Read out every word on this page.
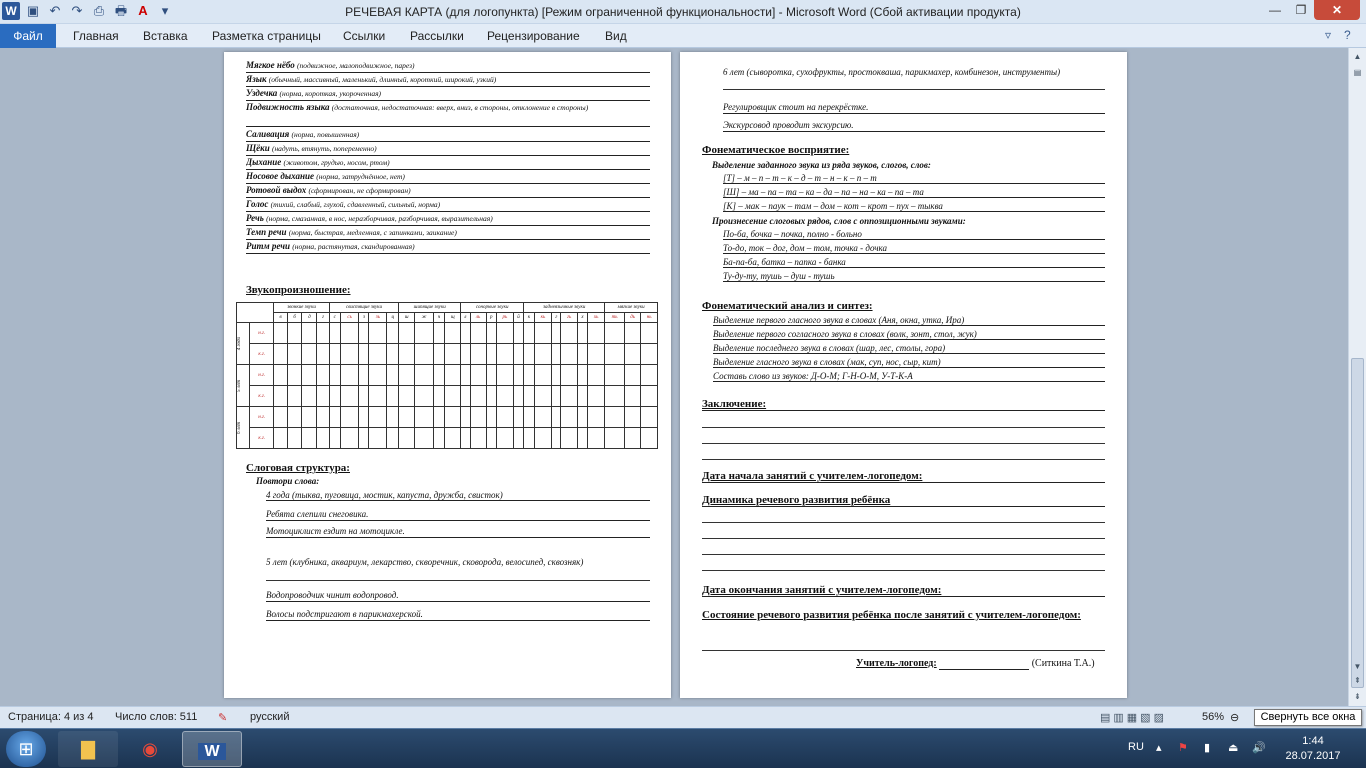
W ▣ ↶ ↷ ⎙ 🖶 A	▾	РЕЧЕВАЯ КАРТА (для логопункта) [Режим ограниченной функциональности] - Microsoft Word (Сбой активации продукта)	—	❐	✕
Файл	Главная Вставка Разметка страницы Ссылки Рассылки Рецензирование Вид	▿ ?
Мягкое нёбо (подвижное, малоподвижное, парез)
Язык (обычный, массивный, маленький, длинный, короткий, широкий, узкий)
Уздечка (норма, короткая, укороченная)
Подвижность языка (достаточная, недостаточная: вверх, вниз, в стороны, отклонение в стороны)
Саливация (норма, повышенная)
Щёки (надуть, втянуть, попеременно)
Дыхание (животом, грудью, носом, ртом)
Носовое дыхание (норма, затруднённое, нет)
Ротовой выдох (сформирован, не сформирован)
Голос (тихий, слабый, глухой, сдавленный, сильный, норма)
Речь (норма, смазанная, в нос, неразборчивая, разборчивая, выразительная)
Темп речи (норма, быстрая, медленная, с запинками, заикание)
Ритм речи (норма, растянутая, скандированная)
Звукопроизношение:
		звонкие звуки				свистящие звуки					шипящие звуки				сонорные звуки					заднеязычные звуки						мягкие звуки		
		в	б	д	г	с	сь	з	зь	ц	ш	ж	ч	щ	л	ль	р	рь	й	к	кь	г	гь	х	хь	ть	дь	нь

4 года	н.г.																											
	к.г.																											

5 лет	н.г.																											
	к.г.																											

6 лет	н.г.																											
	к.г.																											
Слоговая структура:
Повтори слова:
• 4 года (тыква, пуговица, мостик, капуста, дружба, свисток)
Ребята слепили снеговика.
Мотоциклист ездит на мотоцикле.
• 5 лет (клубника, аквариум, лекарство, скворечник, сковорода, велосипед, сквозняк)
Водопроводчик чинит водопровод.
Волосы подстригают в парикмахерской.
• 6 лет (сыворотка, сухофрукты, простокваша, парикмахер, комбинезон, инструменты)
Регулировщик стоит на перекрёстке.
Экскурсовод проводит экскурсию.
Фонематическое восприятие:
Выделение заданного звука из ряда звуков, слогов, слов:
• [Т] – м – п – т – к – д – т – н – к – п – т
• [Ш] – ма – па – та – ка – да – па – на – ка – па – та
• [К] – мак – паук – там – дом – кот – крот – пух – тыква
Произнесение слоговых рядов, слов с оппозиционными звуками:
• По-ба, бочка – почка, полно - больно
• То-до, ток – дог, дом – том, точка - дочка
• Ба-па-ба, батка – папка - банка
• Ту-ду-ту, тушь – душ - тушь
Фонематический анализ и синтез:
• Выделение первого гласного звука в словах (Аня, окна, утка, Ира)
• Выделение первого согласного звука в словах (волк, зонт, стол, жук)
• Выделение последнего звука в словах (шар, лес, столы, гора)
• Выделение гласного звука в словах (мак, суп, нос, сыр, кит)
• Составь слово из звуков: Д-О-М; Г-Н-О-М, У-Т-К-А
Заключение:
Дата начала занятий с учителем-логопедом:
Динамика речевого развития ребёнка
Дата окончания занятий с учителем-логопедом:
Состояние речевого развития ребёнка после занятий с учителем-логопедом:
Учитель-логопед:	(Ситкина Т.А.)
▲
▤
▼
⇞
⇟
Страница: 4 из 4 Число слов: 511 ✎ русский	▤▥▦▧▨	56% ⊖	Свернуть все окна
⊞	▇	◉	W	RU ▴ ⚑ ▮ ⏏ 🔊
1:44
28.07.2017
